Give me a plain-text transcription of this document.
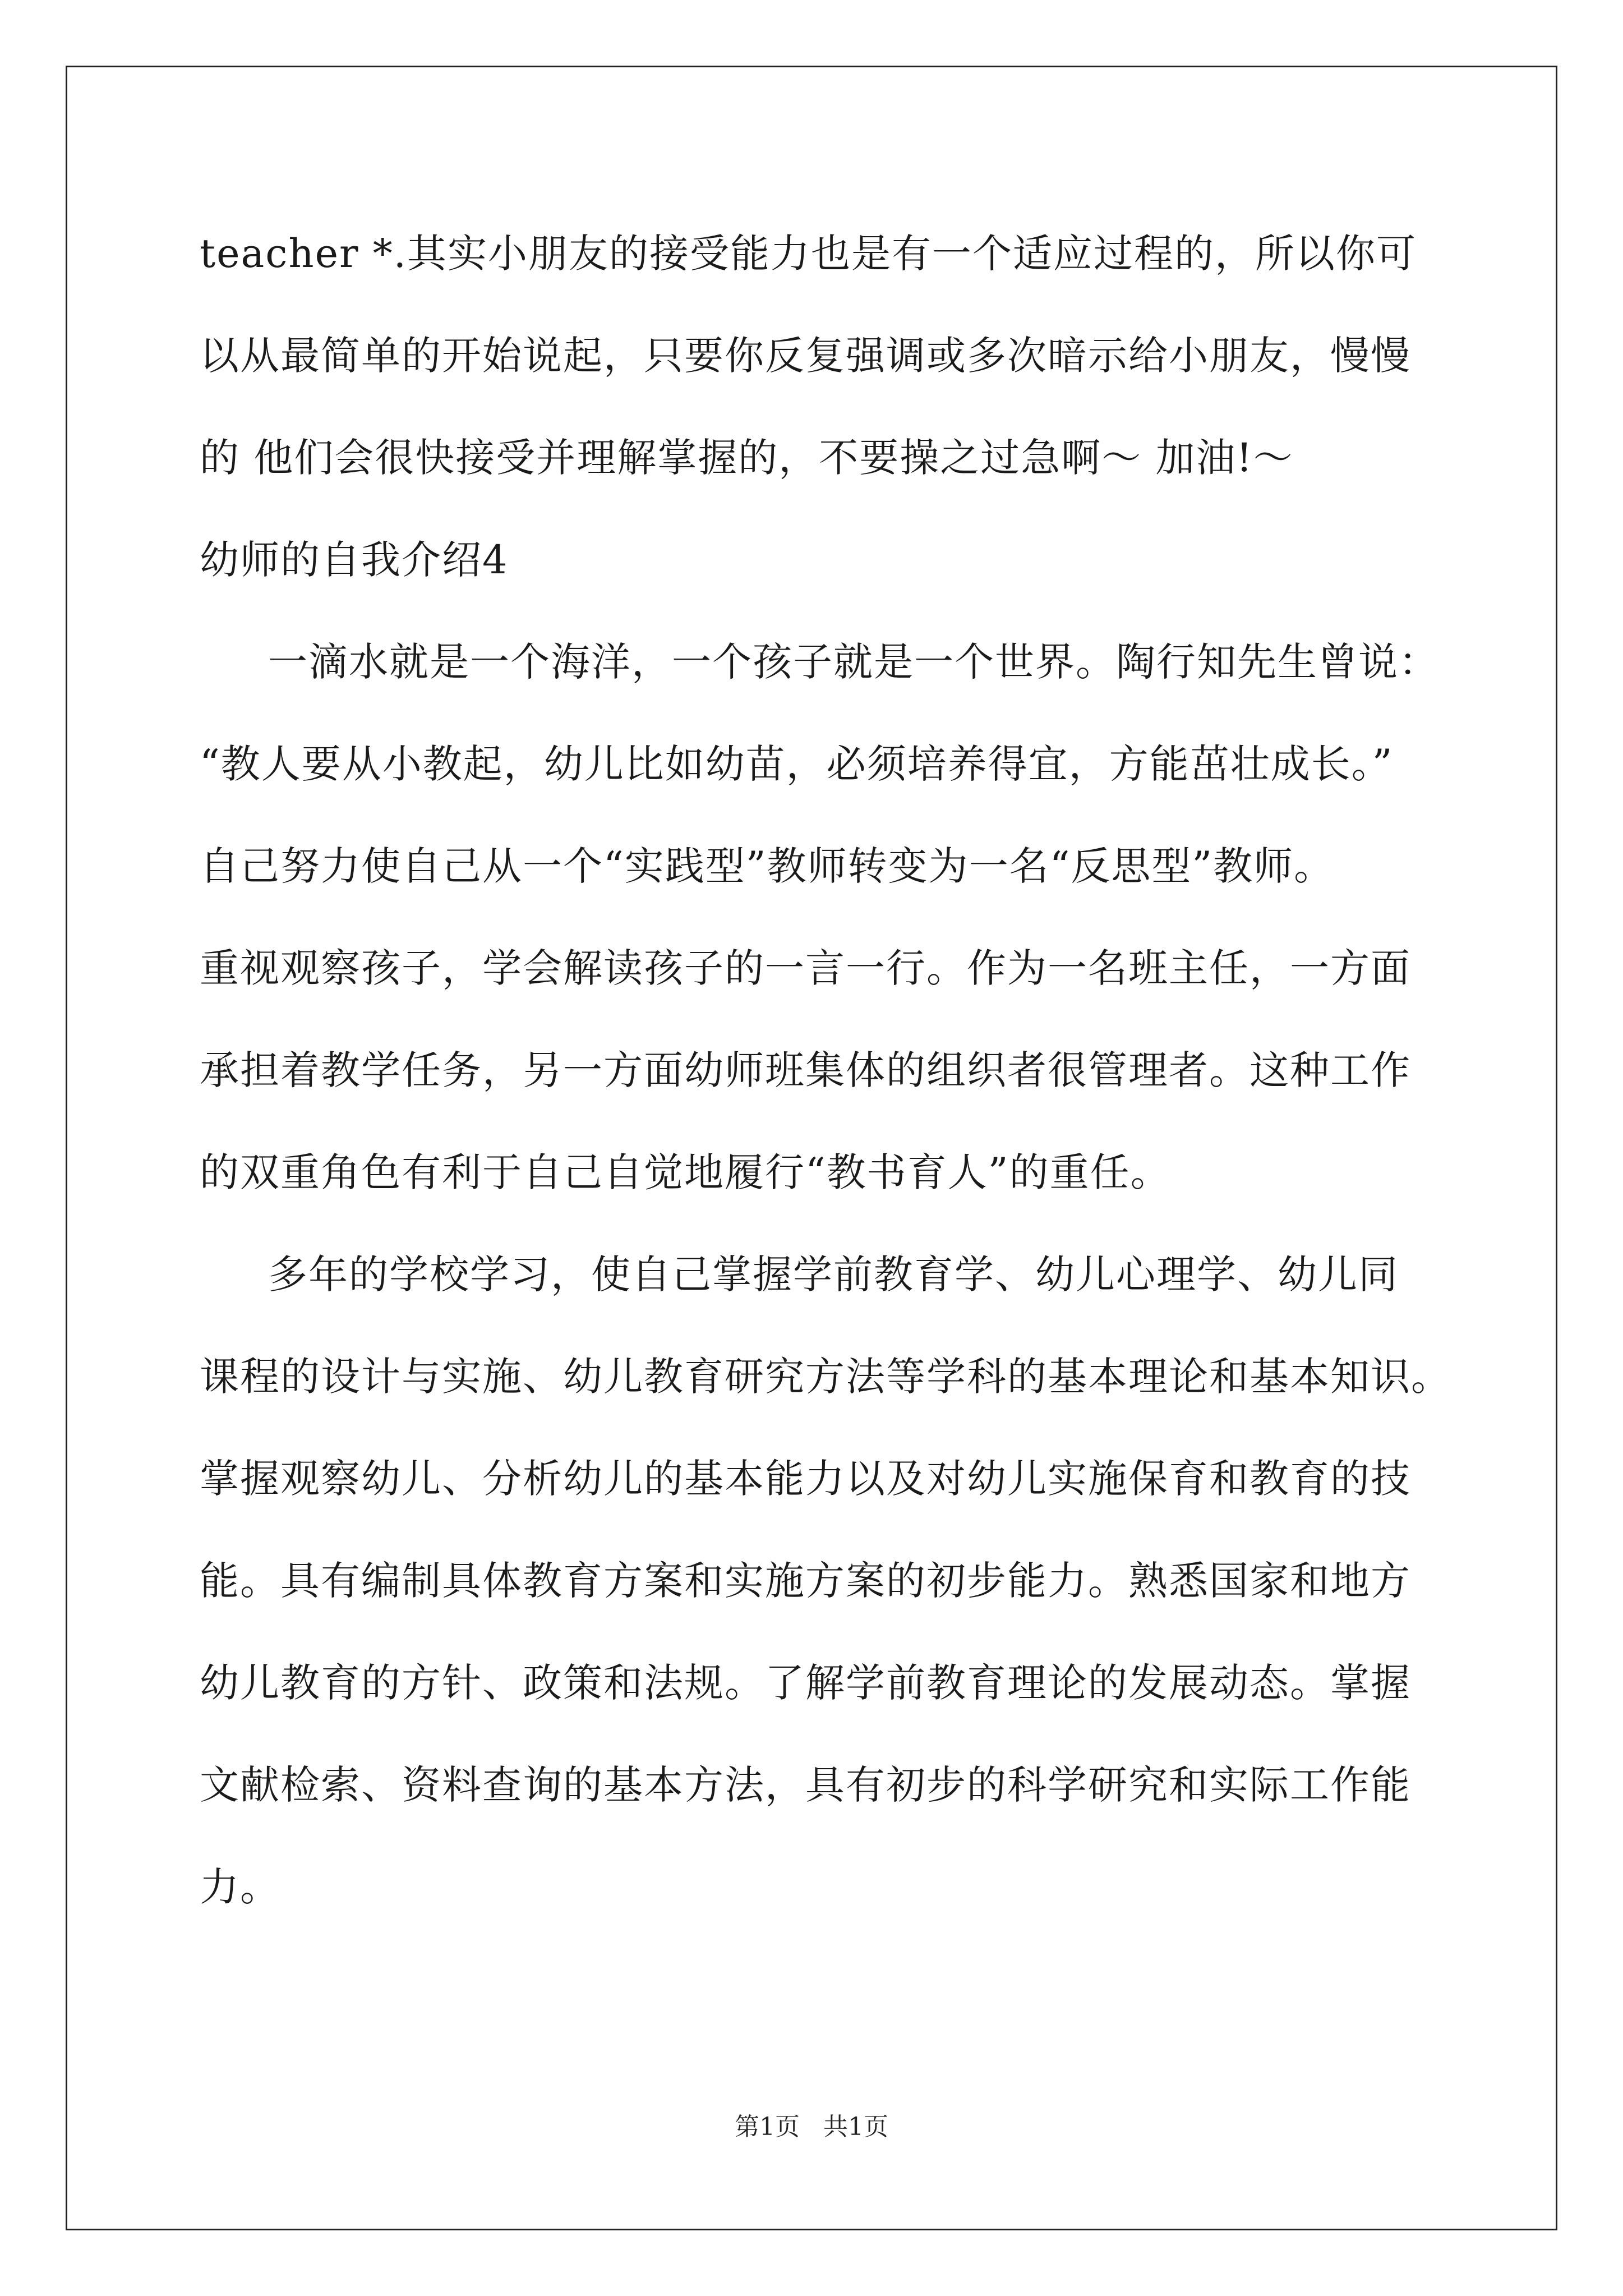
teacher *.其实小朋友的接受能力也是有一个适应过程的，所以你可
以从最简单的开始说起，只要你反复强调或多次暗示给小朋友，慢慢
的 他们会很快接受并理解掌握的，不要操之过急啊～ 加油!～
幼师的自我介绍4
一滴水就是一个海洋，一个孩子就是一个世界。陶行知先生曾说：
“教人要从小教起，幼儿比如幼苗，必须培养得宜，方能茁壮成长。”
自己努力使自己从一个“实践型”教师转变为一名“反思型”教师。
重视观察孩子，学会解读孩子的一言一行。作为一名班主任，一方面
承担着教学任务，另一方面幼师班集体的组织者很管理者。这种工作
的双重角色有利于自己自觉地履行“教书育人”的重任。
多年的学校学习，使自己掌握学前教育学、幼儿心理学、幼儿同
课程的设计与实施、幼儿教育研究方法等学科的基本理论和基本知识。
掌握观察幼儿、分析幼儿的基本能力以及对幼儿实施保育和教育的技
能。具有编制具体教育方案和实施方案的初步能力。熟悉国家和地方
幼儿教育的方针、政策和法规。了解学前教育理论的发展动态。掌握
文献检索、资料查询的基本方法，具有初步的科学研究和实际工作能
力。
第1页   共1页
